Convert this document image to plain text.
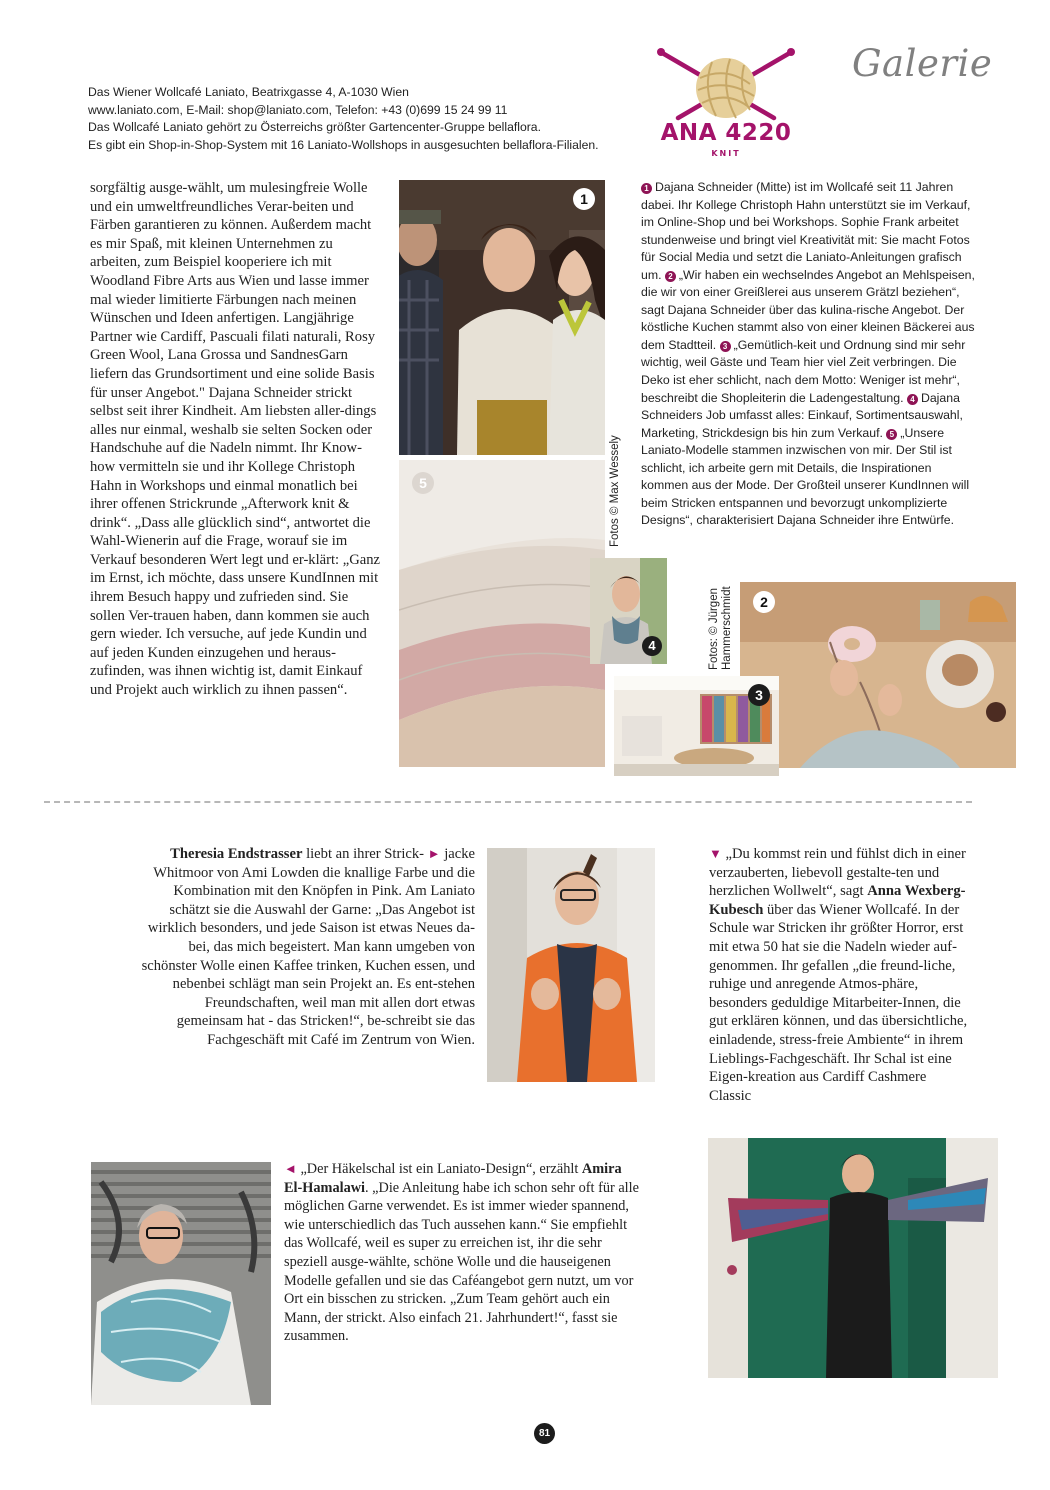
Das Wiener Wollcafé Laniato, Beatrixgasse 4, A-1030 Wien
www.laniato.com, E-Mail: shop@laniato.com, Telefon: +43 (0)699 15 24 99 11
Das Wollcafé Laniato gehört zu Österreichs größter Gartencenter-Gruppe bellaflora.
Es gibt ein Shop-in-Shop-System mit 16 Laniato-Wollshops in ausgesuchten bellaflora-Filialen.	ANA 4220
KNIT
Galerie

sorgfältig ausge-wählt, um mulesingfreie Wolle und ein umweltfreundliches Verar-beiten und Färben garantieren zu können. Außerdem macht es mir Spaß, mit kleinen Unternehmen zu arbeiten, zum Beispiel kooperiere ich mit Woodland Fibre Arts aus Wien und lasse immer mal wieder limitierte Färbungen nach meinen Wünschen und Ideen anfertigen. Langjährige Partner wie Cardiff, Pascuali filati naturali, Rosy Green Wool, Lana Grossa und SandnesGarn liefern das Grundsortiment und eine solide Basis für unser Angebot." Dajana Schneider strickt selbst seit ihrer Kindheit. Am liebsten aller-dings alles nur einmal, weshalb sie selten Socken oder Handschuhe auf die Nadeln nimmt. Ihr Know-how vermitteln sie und ihr Kollege Christoph Hahn in Workshops und einmal monatlich bei ihrer offenen Strickrunde „Afterwork knit & drink“. „Dass alle glücklich sind“, antwortet die Wahl-Wienerin auf die Frage, worauf sie im Verkauf besonderen Wert legt und er-klärt: „Ganz im Ernst, ich möchte, dass unsere KundInnen mit ihrem Besuch happy und zufrieden sind. Sie sollen Ver-trauen haben, dann kommen sie auch gern wieder. Ich versuche, auf jede Kundin und auf jeden Kunden einzugehen und heraus-zufinden, was ihnen wichtig ist, damit Einkauf und Projekt auch wirklich zu ihnen passen“.

1
Fotos © Max Wessely
5
4	Fotos: © Jürgen Hammerschmidt	2
3
1 Dajana Schneider (Mitte) ist im Wollcafé seit 11 Jahren dabei. Ihr Kollege Christoph Hahn unterstützt sie im Verkauf, im Online-Shop und bei Workshops. Sophie Frank arbeitet stundenweise und bringt viel Kreativität mit: Sie macht Fotos für Social Media und setzt die Laniato-Anleitungen grafisch um. 2 „Wir haben ein wechselndes Angebot an Mehlspeisen, die wir von einer Greißlerei aus unserem Grätzl beziehen“, sagt Dajana Schneider über das kulina-rische Angebot. Der köstliche Kuchen stammt also von einer kleinen Bäckerei aus dem Stadtteil. 3 „Gemütlich-keit und Ordnung sind mir sehr wichtig, weil Gäste und Team hier viel Zeit verbringen. Die Deko ist eher schlicht, nach dem Motto: Weniger ist mehr“, beschreibt die Shopleiterin die Ladengestaltung. 4 Dajana Schneiders Job umfasst alles: Einkauf, Sortimentsauswahl, Marketing, Strickdesign bis hin zum Verkauf. 5 „Unsere Laniato-Modelle stammen inzwischen von mir. Der Stil ist schlicht, ich arbeite gern mit Details, die Inspirationen kommen aus der Mode. Der Großteil unserer KundInnen will beim Stricken entspannen und bevorzugt unkomplizierte Designs“, charakterisiert Dajana Schneider ihre Entwürfe.
Theresia Endstrasser liebt an ihrer Strick- ► jacke Whitmoor von Ami Lowden die knallige Farbe und die Kombination mit den Knöpfen in Pink. Am Laniato schätzt sie die Auswahl der Garne: „Das Angebot ist wirklich besonders, und jede Saison ist etwas Neues da-bei, das mich begeistert. Man kann umgeben von schönster Wolle einen Kaffee trinken, Kuchen essen, und nebenbei schlägt man sein Projekt an. Es ent-stehen Freundschaften, weil man mit allen dort etwas gemeinsam hat - das Stricken!“, be-schreibt sie das Fachgeschäft mit Café im Zentrum von Wien.
▼ „Du kommst rein und fühlst dich in einer verzauberten, liebevoll gestalte-ten und herzlichen Wollwelt“, sagt Anna Wexberg-Kubesch über das Wiener Wollcafé. In der Schule war Stricken ihr größter Horror, erst mit etwa 50 hat sie die Nadeln wieder auf-genommen. Ihr gefallen „die freund-liche, ruhige und anregende Atmos-phäre, besonders geduldige Mitarbeiter-Innen, die gut erklären können, und das übersichtliche, einladende, stress-freie Ambiente“ in ihrem Lieblings-Fachgeschäft. Ihr Schal ist eine Eigen-kreation aus Cardiff Cashmere Classic
◄ „Der Häkelschal ist ein Laniato-Design“, erzählt Amira El-Hamalawi. „Die Anleitung habe ich schon sehr oft für alle möglichen Garne verwendet. Es ist immer wieder spannend, wie unterschiedlich das Tuch aussehen kann.“ Sie empfiehlt das Wollcafé, weil es super zu erreichen ist, ihr die sehr speziell ausge-wählte, schöne Wolle und die hauseigenen Modelle gefallen und sie das Caféangebot gern nutzt, um vor Ort ein bisschen zu stricken. „Zum Team gehört auch ein Mann, der strickt. Also einfach 21. Jahrhundert!“, fasst sie zusammen.
81
